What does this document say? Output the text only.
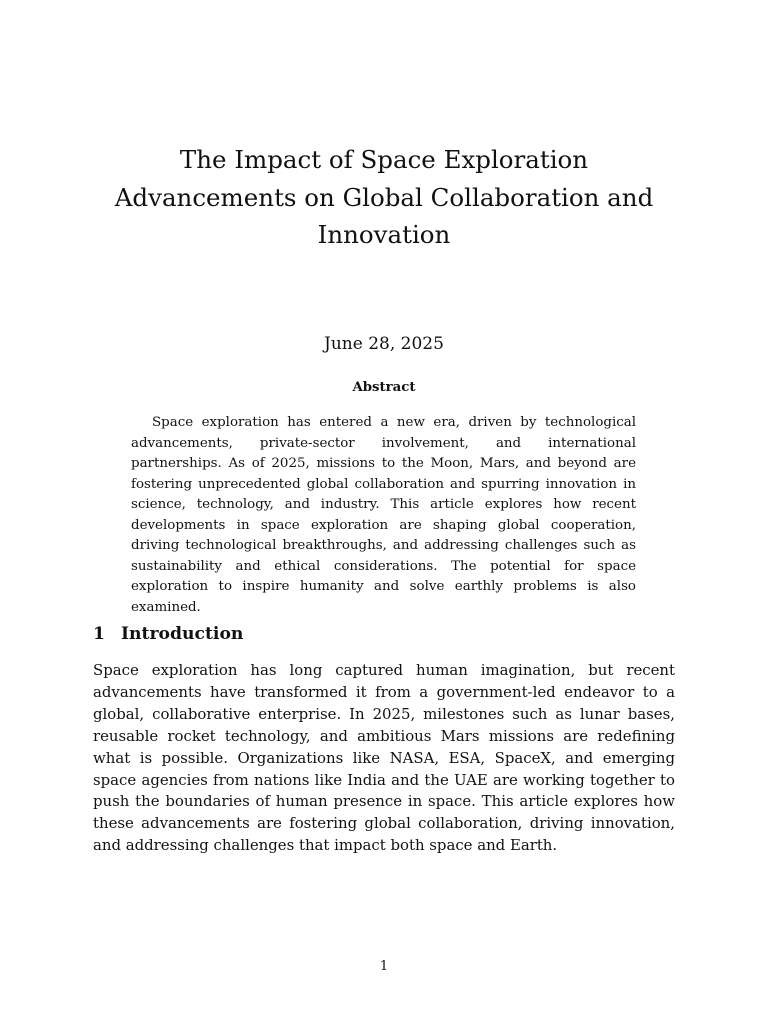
The Impact of Space Exploration Advancements on Global Collaboration and Innovation
June 28, 2025
Abstract

Space exploration has entered a new era, driven by technological advancements, private-sector involvement, and international partnerships. As of 2025, missions to the Moon, Mars, and beyond are fostering unprecedented global collaboration and spurring innovation in science, technology, and industry. This article explores how recent developments in space exploration are shaping global cooperation, driving technological breakthroughs, and addressing challenges such as sustainability and ethical considerations. The potential for space exploration to inspire humanity and solve earthly problems is also examined.

1 Introduction

Space exploration has long captured human imagination, but recent advancements have transformed it from a government-led endeavor to a global, collaborative enterprise. In 2025, milestones such as lunar bases, reusable rocket technology, and ambitious Mars missions are redefining what is possible. Organizations like NASA, ESA, SpaceX, and emerging space agencies from nations like India and the UAE are working together to push the boundaries of human presence in space. This article explores how these advancements are fostering global collaboration, driving innovation, and addressing challenges that impact both space and Earth.

1
